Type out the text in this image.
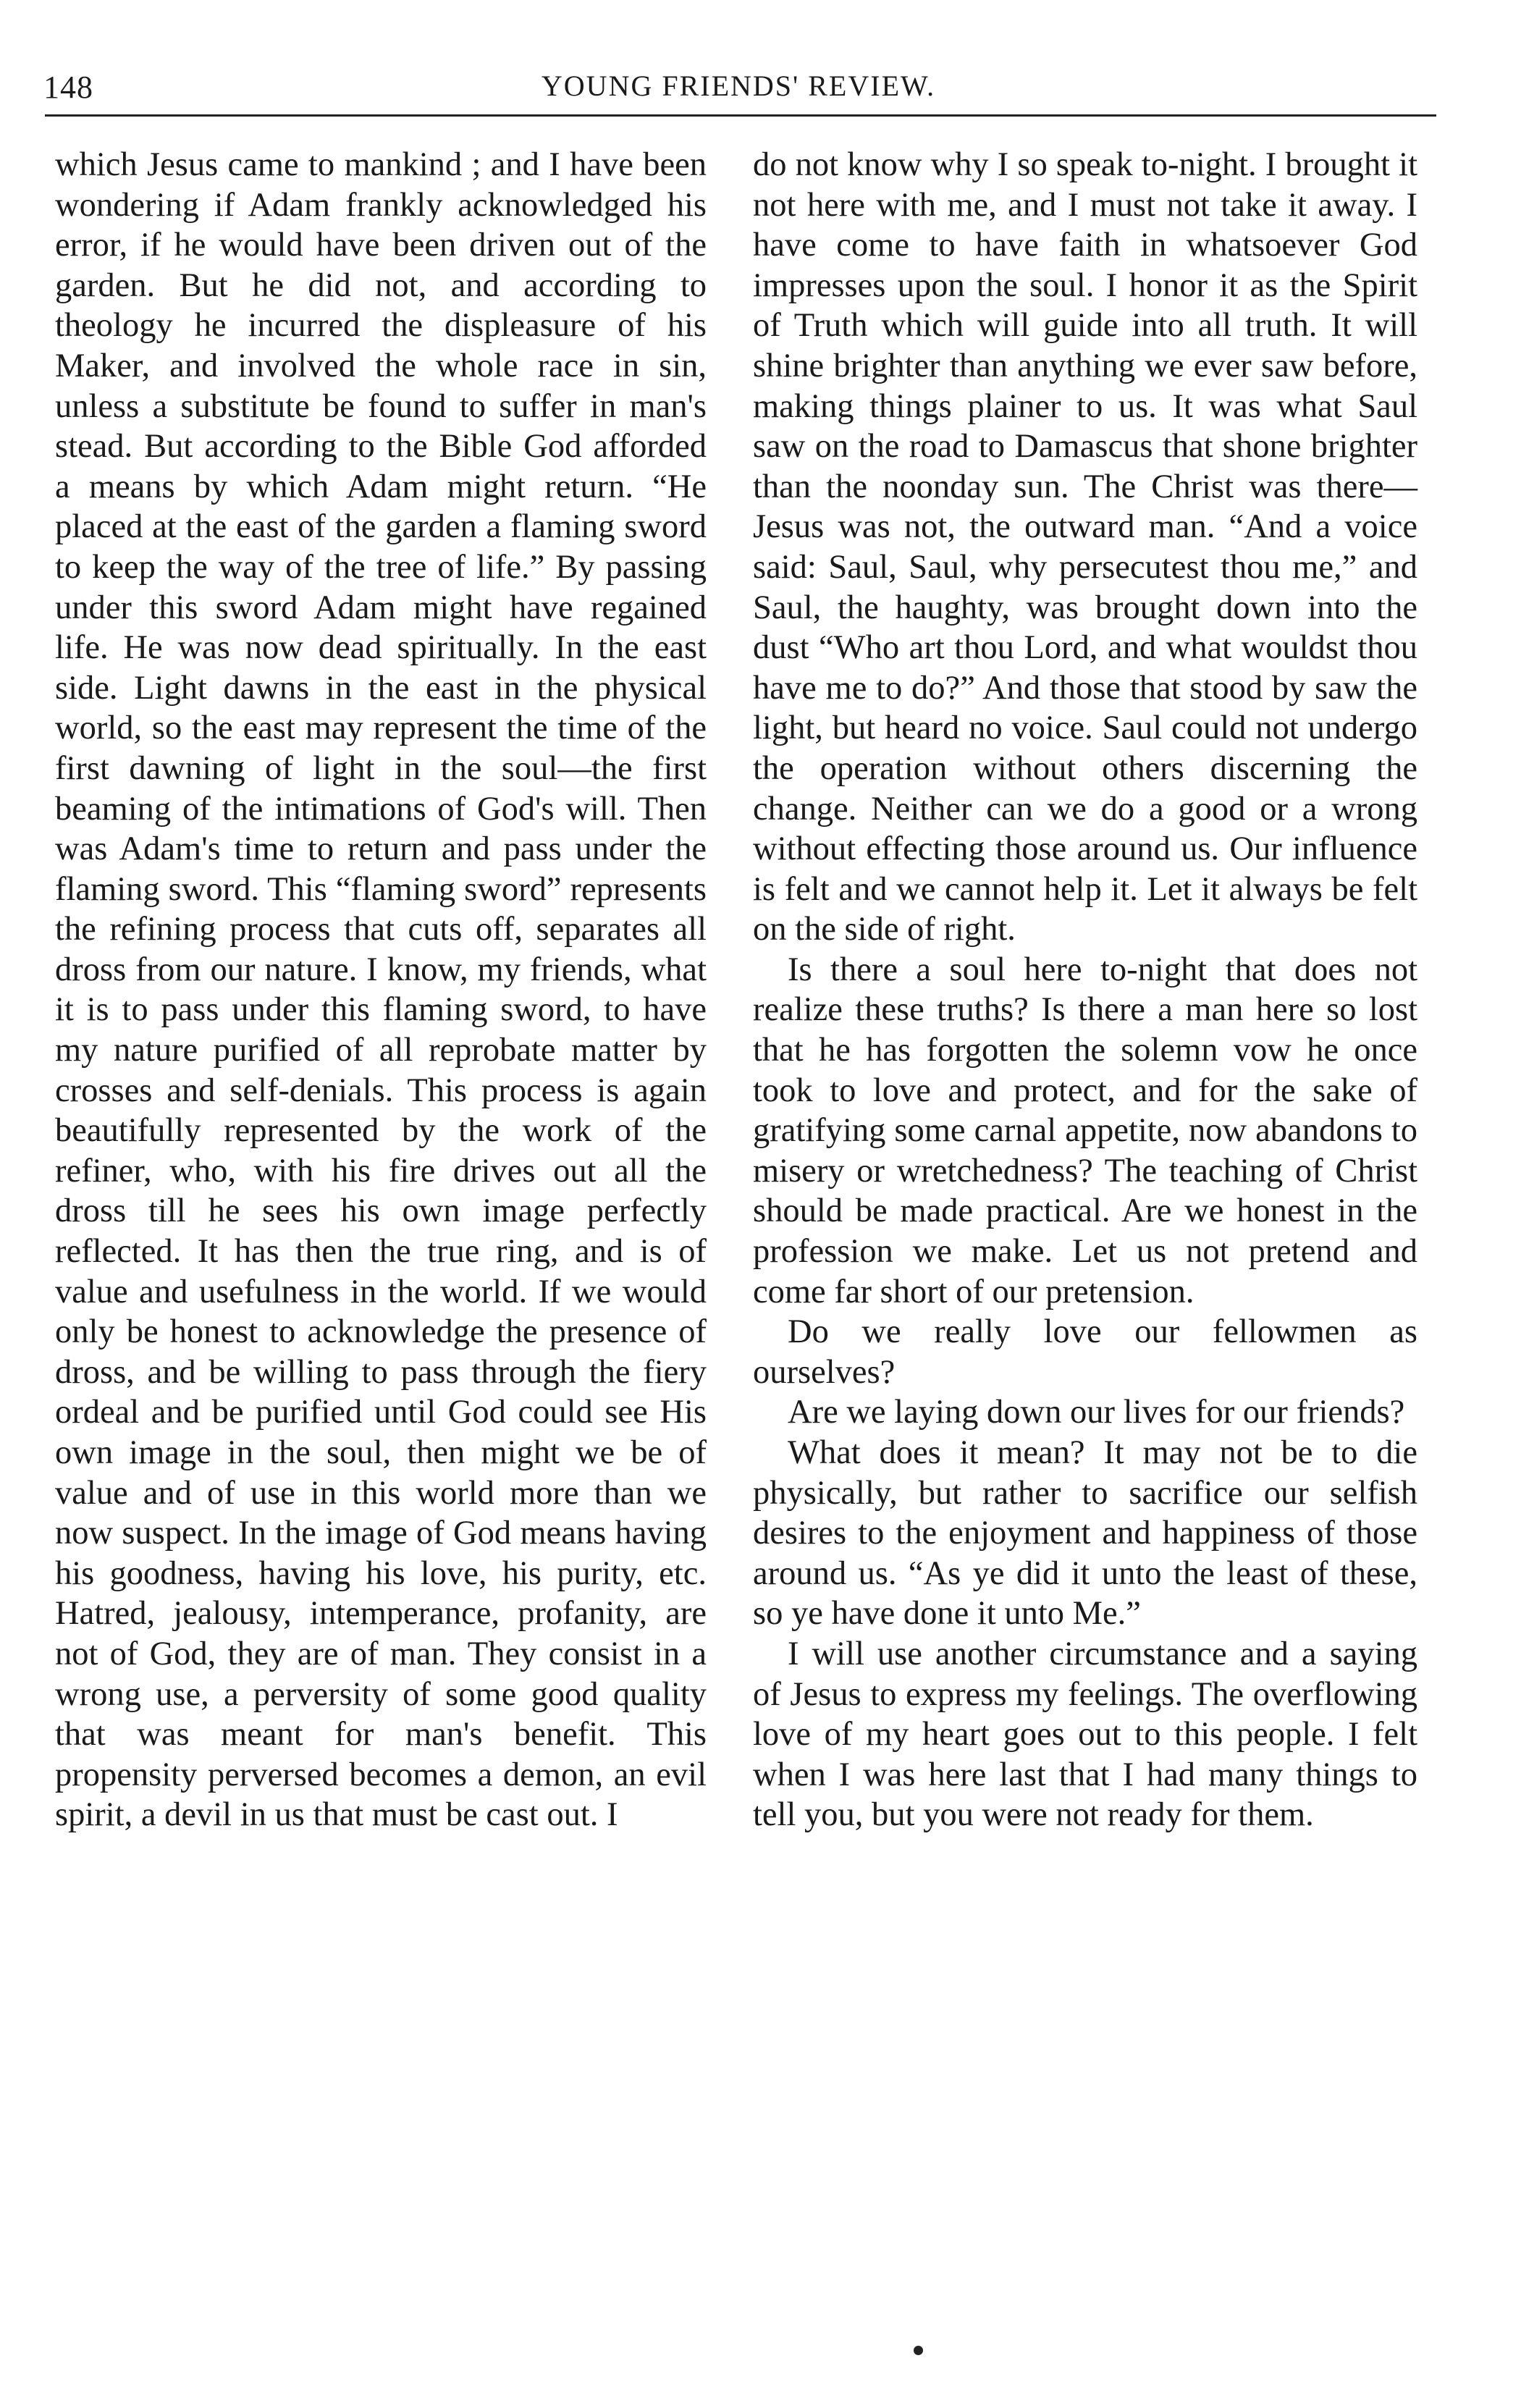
148	YOUNG FRIENDS' REVIEW.

which Jesus came to mankind ; and I have been wondering if Adam frankly acknowledged his error, if he would have been driven out of the garden. But he did not, and according to theology he incurred the displeasure of his Maker, and involved the whole race in sin, unless a substitute be found to suffer in man's stead. But according to the Bible God afforded a means by which Adam might return. “He placed at the east of the garden a flaming sword to keep the way of the tree of life.” By passing under this sword Adam might have regained life. He was now dead spiritually. In the east side. Light dawns in the east in the physical world, so the east may represent the time of the first dawning of light in the soul—the first beaming of the intimations of God's will. Then was Adam's time to return and pass under the flaming sword. This “flaming sword” represents the refining process that cuts off, separates all dross from our nature. I know, my friends, what it is to pass under this flaming sword, to have my nature purified of all reprobate matter by crosses and self-denials. This process is again beautifully represented by the work of the refiner, who, with his fire drives out all the dross till he sees his own image perfectly reflected. It has then the true ring, and is of value and usefulness in the world. If we would only be honest to acknowledge the presence of dross, and be willing to pass through the fiery ordeal and be purified until God could see His own image in the soul, then might we be of value and of use in this world more than we now suspect. In the image of God means having his goodness, having his love, his purity, etc. Hatred, jealousy, intemperance, profanity, are not of God, they are of man. They consist in a wrong use, a perversity of some good quality that was meant for man's benefit. This propensity perversed becomes a demon, an evil spirit, a devil in us that must be cast out. I

do not know why I so speak to-night. I brought it not here with me, and I must not take it away. I have come to have faith in whatsoever God impresses upon the soul. I honor it as the Spirit of Truth which will guide into all truth. It will shine brighter than anything we ever saw before, making things plainer to us. It was what Saul saw on the road to Damascus that shone brighter than the noonday sun. The Christ was there—Jesus was not, the outward man. “And a voice said: Saul, Saul, why persecutest thou me,” and Saul, the haughty, was brought down into the dust “Who art thou Lord, and what wouldst thou have me to do?” And those that stood by saw the light, but heard no voice. Saul could not undergo the operation without others discerning the change. Neither can we do a good or a wrong without effecting those around us. Our influence is felt and we cannot help it. Let it always be felt on the side of right.

Is there a soul here to-night that does not realize these truths? Is there a man here so lost that he has forgotten the solemn vow he once took to love and protect, and for the sake of gratifying some carnal appetite, now abandons to misery or wretchedness? The teaching of Christ should be made practical. Are we honest in the profession we make. Let us not pretend and come far short of our pretension.

Do we really love our fellowmen as ourselves?

Are we laying down our lives for our friends?

What does it mean? It may not be to die physically, but rather to sacrifice our selfish desires to the enjoyment and happiness of those around us. “As ye did it unto the least of these, so ye have done it unto Me.”

I will use another circumstance and a saying of Jesus to express my feelings. The overflowing love of my heart goes out to this people. I felt when I was here last that I had many things to tell you, but you were not ready for them.
